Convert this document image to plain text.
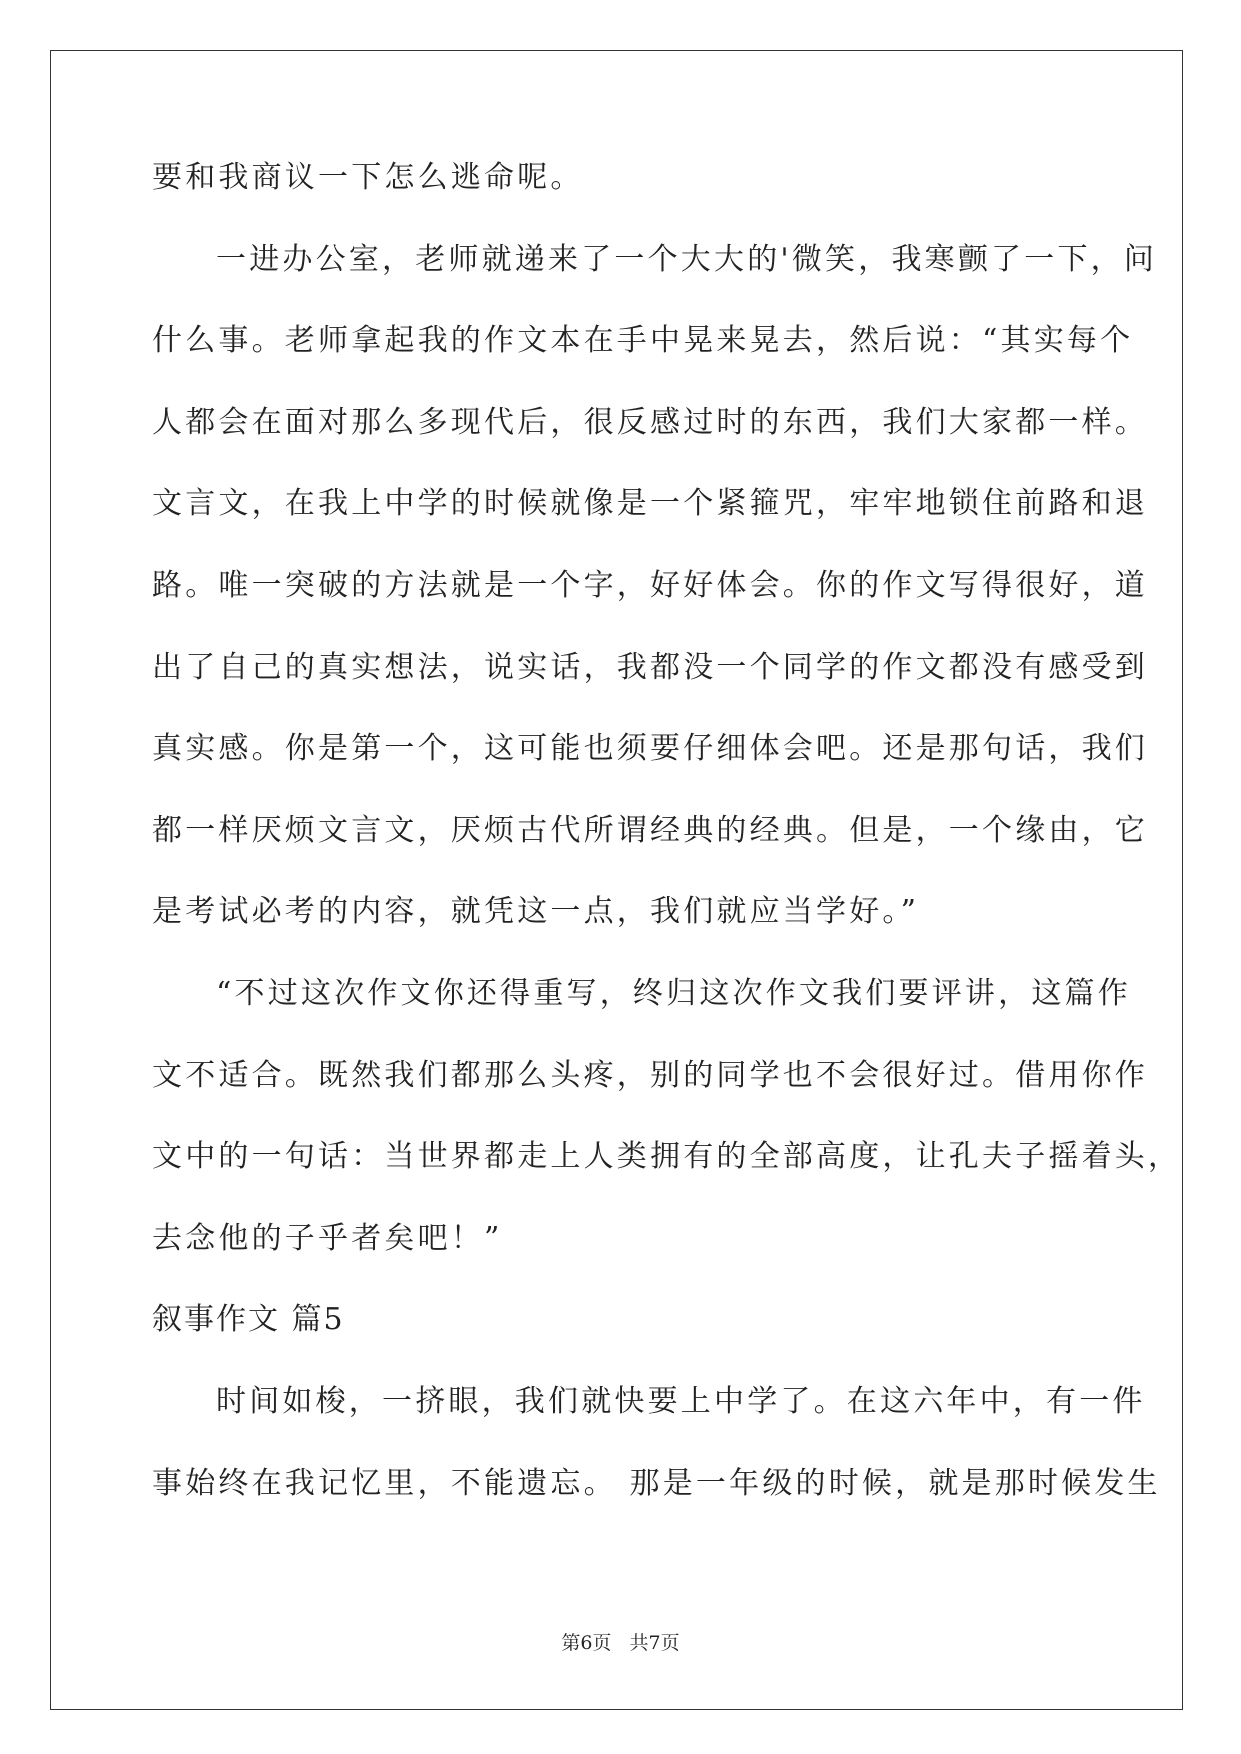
要和我商议一下怎么逃命呢。
一进办公室，老师就递来了一个大大的'微笑，我寒颤了一下，问
什么事。老师拿起我的作文本在手中晃来晃去，然后说：“其实每个
人都会在面对那么多现代后，很反感过时的东西，我们大家都一样。
文言文，在我上中学的时候就像是一个紧箍咒，牢牢地锁住前路和退
路。唯一突破的方法就是一个字，好好体会。你的作文写得很好，道
出了自己的真实想法，说实话，我都没一个同学的作文都没有感受到
真实感。你是第一个，这可能也须要仔细体会吧。还是那句话，我们
都一样厌烦文言文，厌烦古代所谓经典的经典。但是，一个缘由，它
是考试必考的内容，就凭这一点，我们就应当学好。”
“不过这次作文你还得重写，终归这次作文我们要评讲，这篇作
文不适合。既然我们都那么头疼，别的同学也不会很好过。借用你作
文中的一句话：当世界都走上人类拥有的全部高度，让孔夫子摇着头，
去念他的子乎者矣吧！”
叙事作文 篇5
时间如梭，一挤眼，我们就快要上中学了。在这六年中，有一件
事始终在我记忆里，不能遗忘。 那是一年级的时候，就是那时候发生
第6页   共7页
